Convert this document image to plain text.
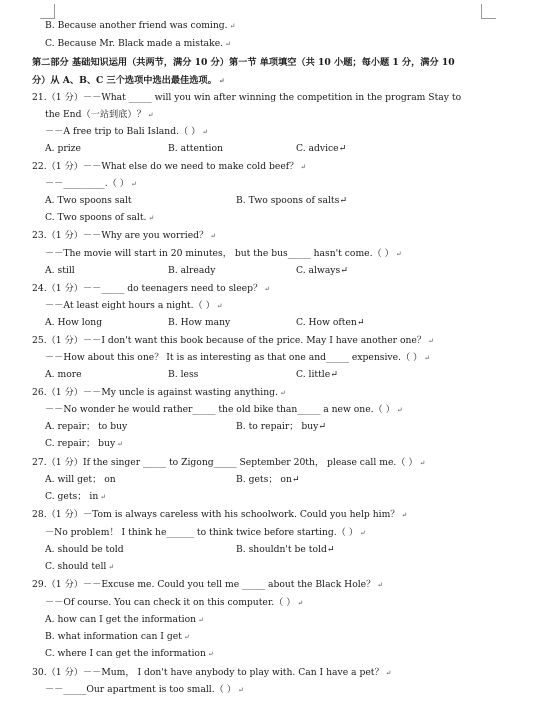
B. Because another friend was coming. ↵
C. Because Mr. Black made a mistake. ↵
第二部分 基础知识运用（共两节，满分 10 分）第一节 单项填空（共 10 小题；每小题 1 分，满分 10
分）从 A、B、C 三个选项中选出最佳选项。 ↵
21.（1 分）－－What _____ will you win after winning the competition in the program Stay to
the End（一站到底）？ ↵
－－A free trip to Bali Island.（ ） ↵
A. prize	B. attention	C. advice↵
22.（1 分）－－What else do we need to make cold beef？ ↵
－－_________.（ ） ↵
A. Two spoons salt	B. Two spoons of salts↵
C. Two spoons of salt. ↵
23.（1 分）－－Why are you worried？ ↵
－－The movie will start in 20 minutes， but the bus_____ hasn't come.（ ） ↵
A. still	B. already	C. always↵
24.（1 分）－－_____ do teenagers need to sleep？ ↵
－－At least eight hours a night.（ ） ↵
A. How long	B. How many	C. How often↵
25.（1 分）－－I don't want this book because of the price. May I have another one？ ↵
－－How about this one？ It is as interesting as that one and_____ expensive.（ ） ↵
A. more	B. less	C. little↵
26.（1 分）－－My uncle is against wasting anything. ↵
－－No wonder he would rather_____ the old bike than_____ a new one.（ ） ↵
A. repair； to buy	B. to repair； buy↵
C. repair； buy ↵
27.（1 分）If the singer _____ to Zigong_____ September 20th， please call me.（ ） ↵
A. will get； on	B. gets； on↵
C. gets； in ↵
28.（1 分）－Tom is always careless with his schoolwork. Could you help him？ ↵
－No problem！ I think he______ to think twice before starting.（ ） ↵
A. should be told	B. shouldn't be told↵
C. should tell ↵
29.（1 分）－－Excuse me. Could you tell me _____ about the Black Hole？ ↵
－－Of course. You can check it on this computer.（ ） ↵
A. how can I get the information ↵
B. what information can I get ↵
C. where I can get the information ↵
30.（1 分）－－Mum， I don't have anybody to play with. Can I have a pet？ ↵
－－_____Our apartment is too small.（ ） ↵
